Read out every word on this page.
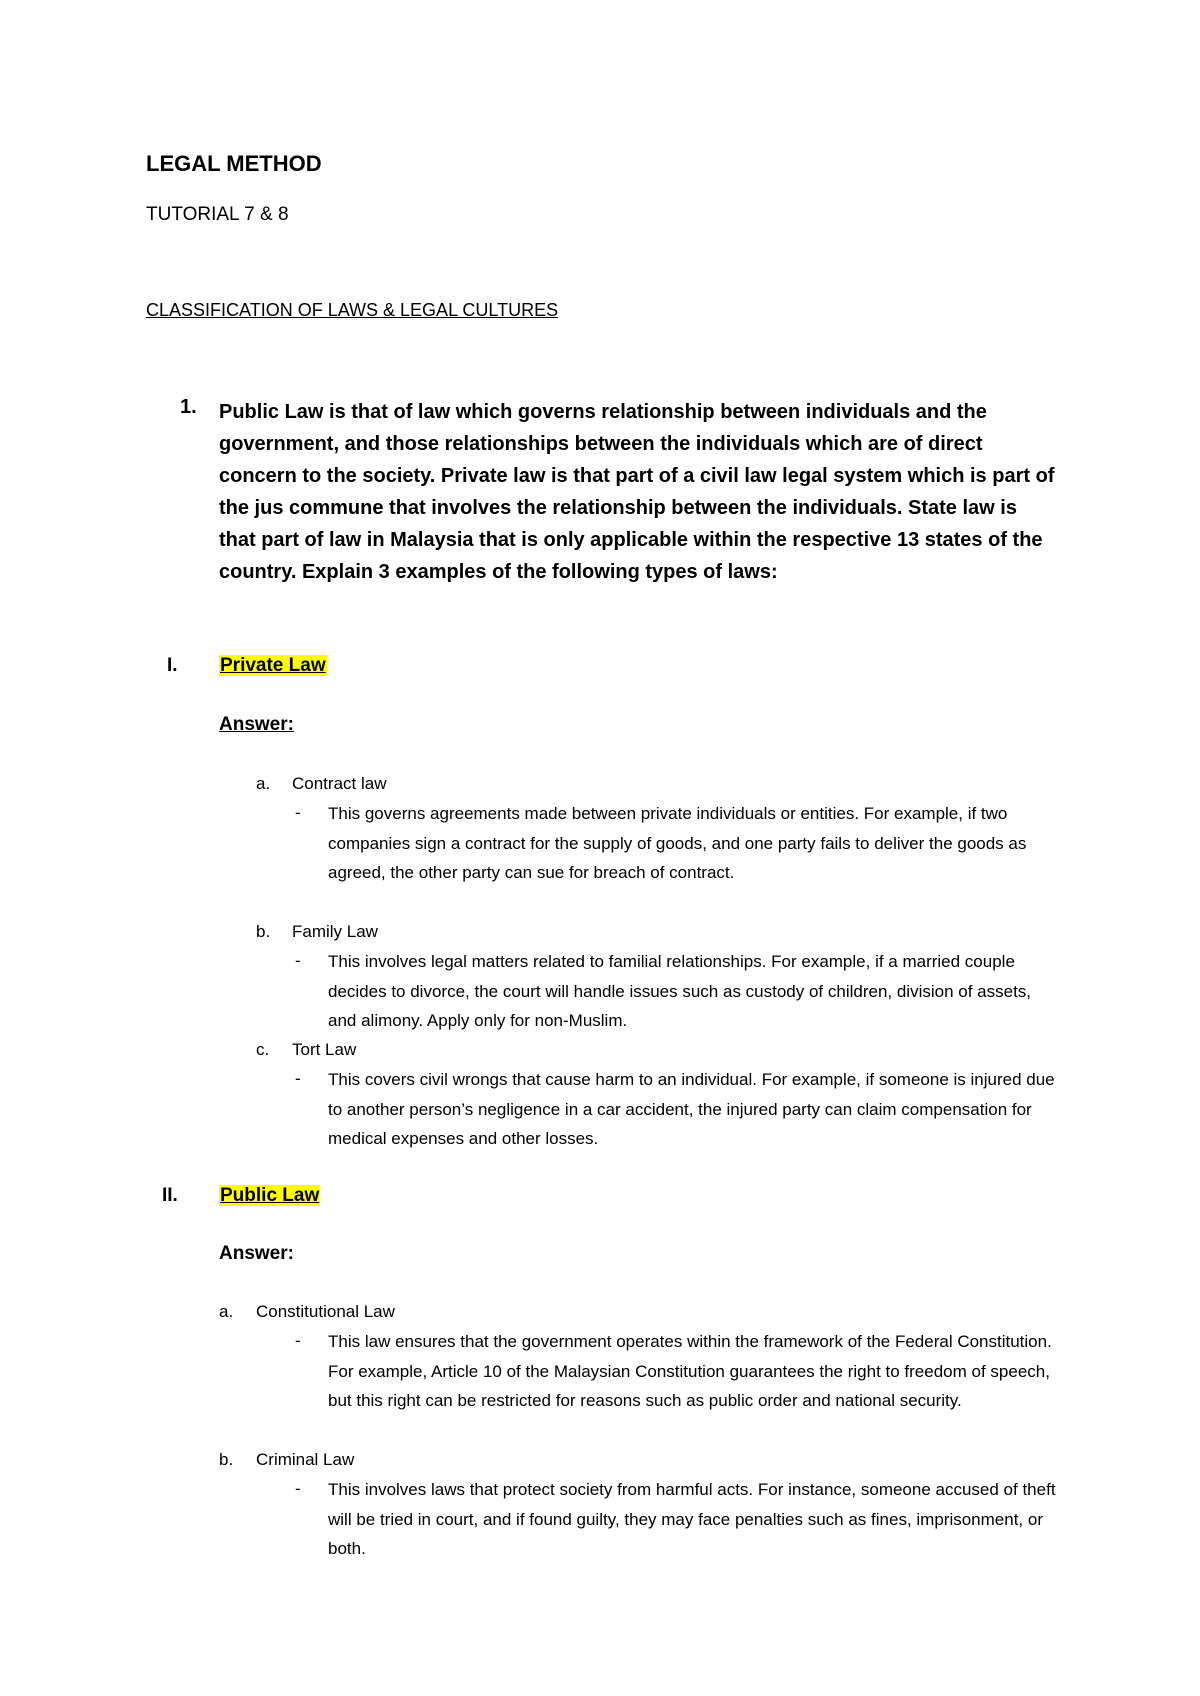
LEGAL METHOD
TUTORIAL 7 & 8
CLASSIFICATION OF LAWS & LEGAL CULTURES
1. Public Law is that of law which governs relationship between individuals and the government, and those relationships between the individuals which are of direct concern to the society. Private law is that part of a civil law legal system which is part of the jus commune that involves the relationship between the individuals. State law is that part of law in Malaysia that is only applicable within the respective 13 states of the country. Explain 3 examples of the following types of laws:
I. Private Law
Answer:
a. Contract law
- This governs agreements made between private individuals or entities. For example, if two companies sign a contract for the supply of goods, and one party fails to deliver the goods as agreed, the other party can sue for breach of contract.
b. Family Law
- This involves legal matters related to familial relationships. For example, if a married couple decides to divorce, the court will handle issues such as custody of children, division of assets, and alimony. Apply only for non-Muslim.
c. Tort Law
- This covers civil wrongs that cause harm to an individual. For example, if someone is injured due to another person’s negligence in a car accident, the injured party can claim compensation for medical expenses and other losses.
II. Public Law
Answer:
a. Constitutional Law
- This law ensures that the government operates within the framework of the Federal Constitution. For example, Article 10 of the Malaysian Constitution guarantees the right to freedom of speech, but this right can be restricted for reasons such as public order and national security.
b. Criminal Law
- This involves laws that protect society from harmful acts. For instance, someone accused of theft will be tried in court, and if found guilty, they may face penalties such as fines, imprisonment, or both.
